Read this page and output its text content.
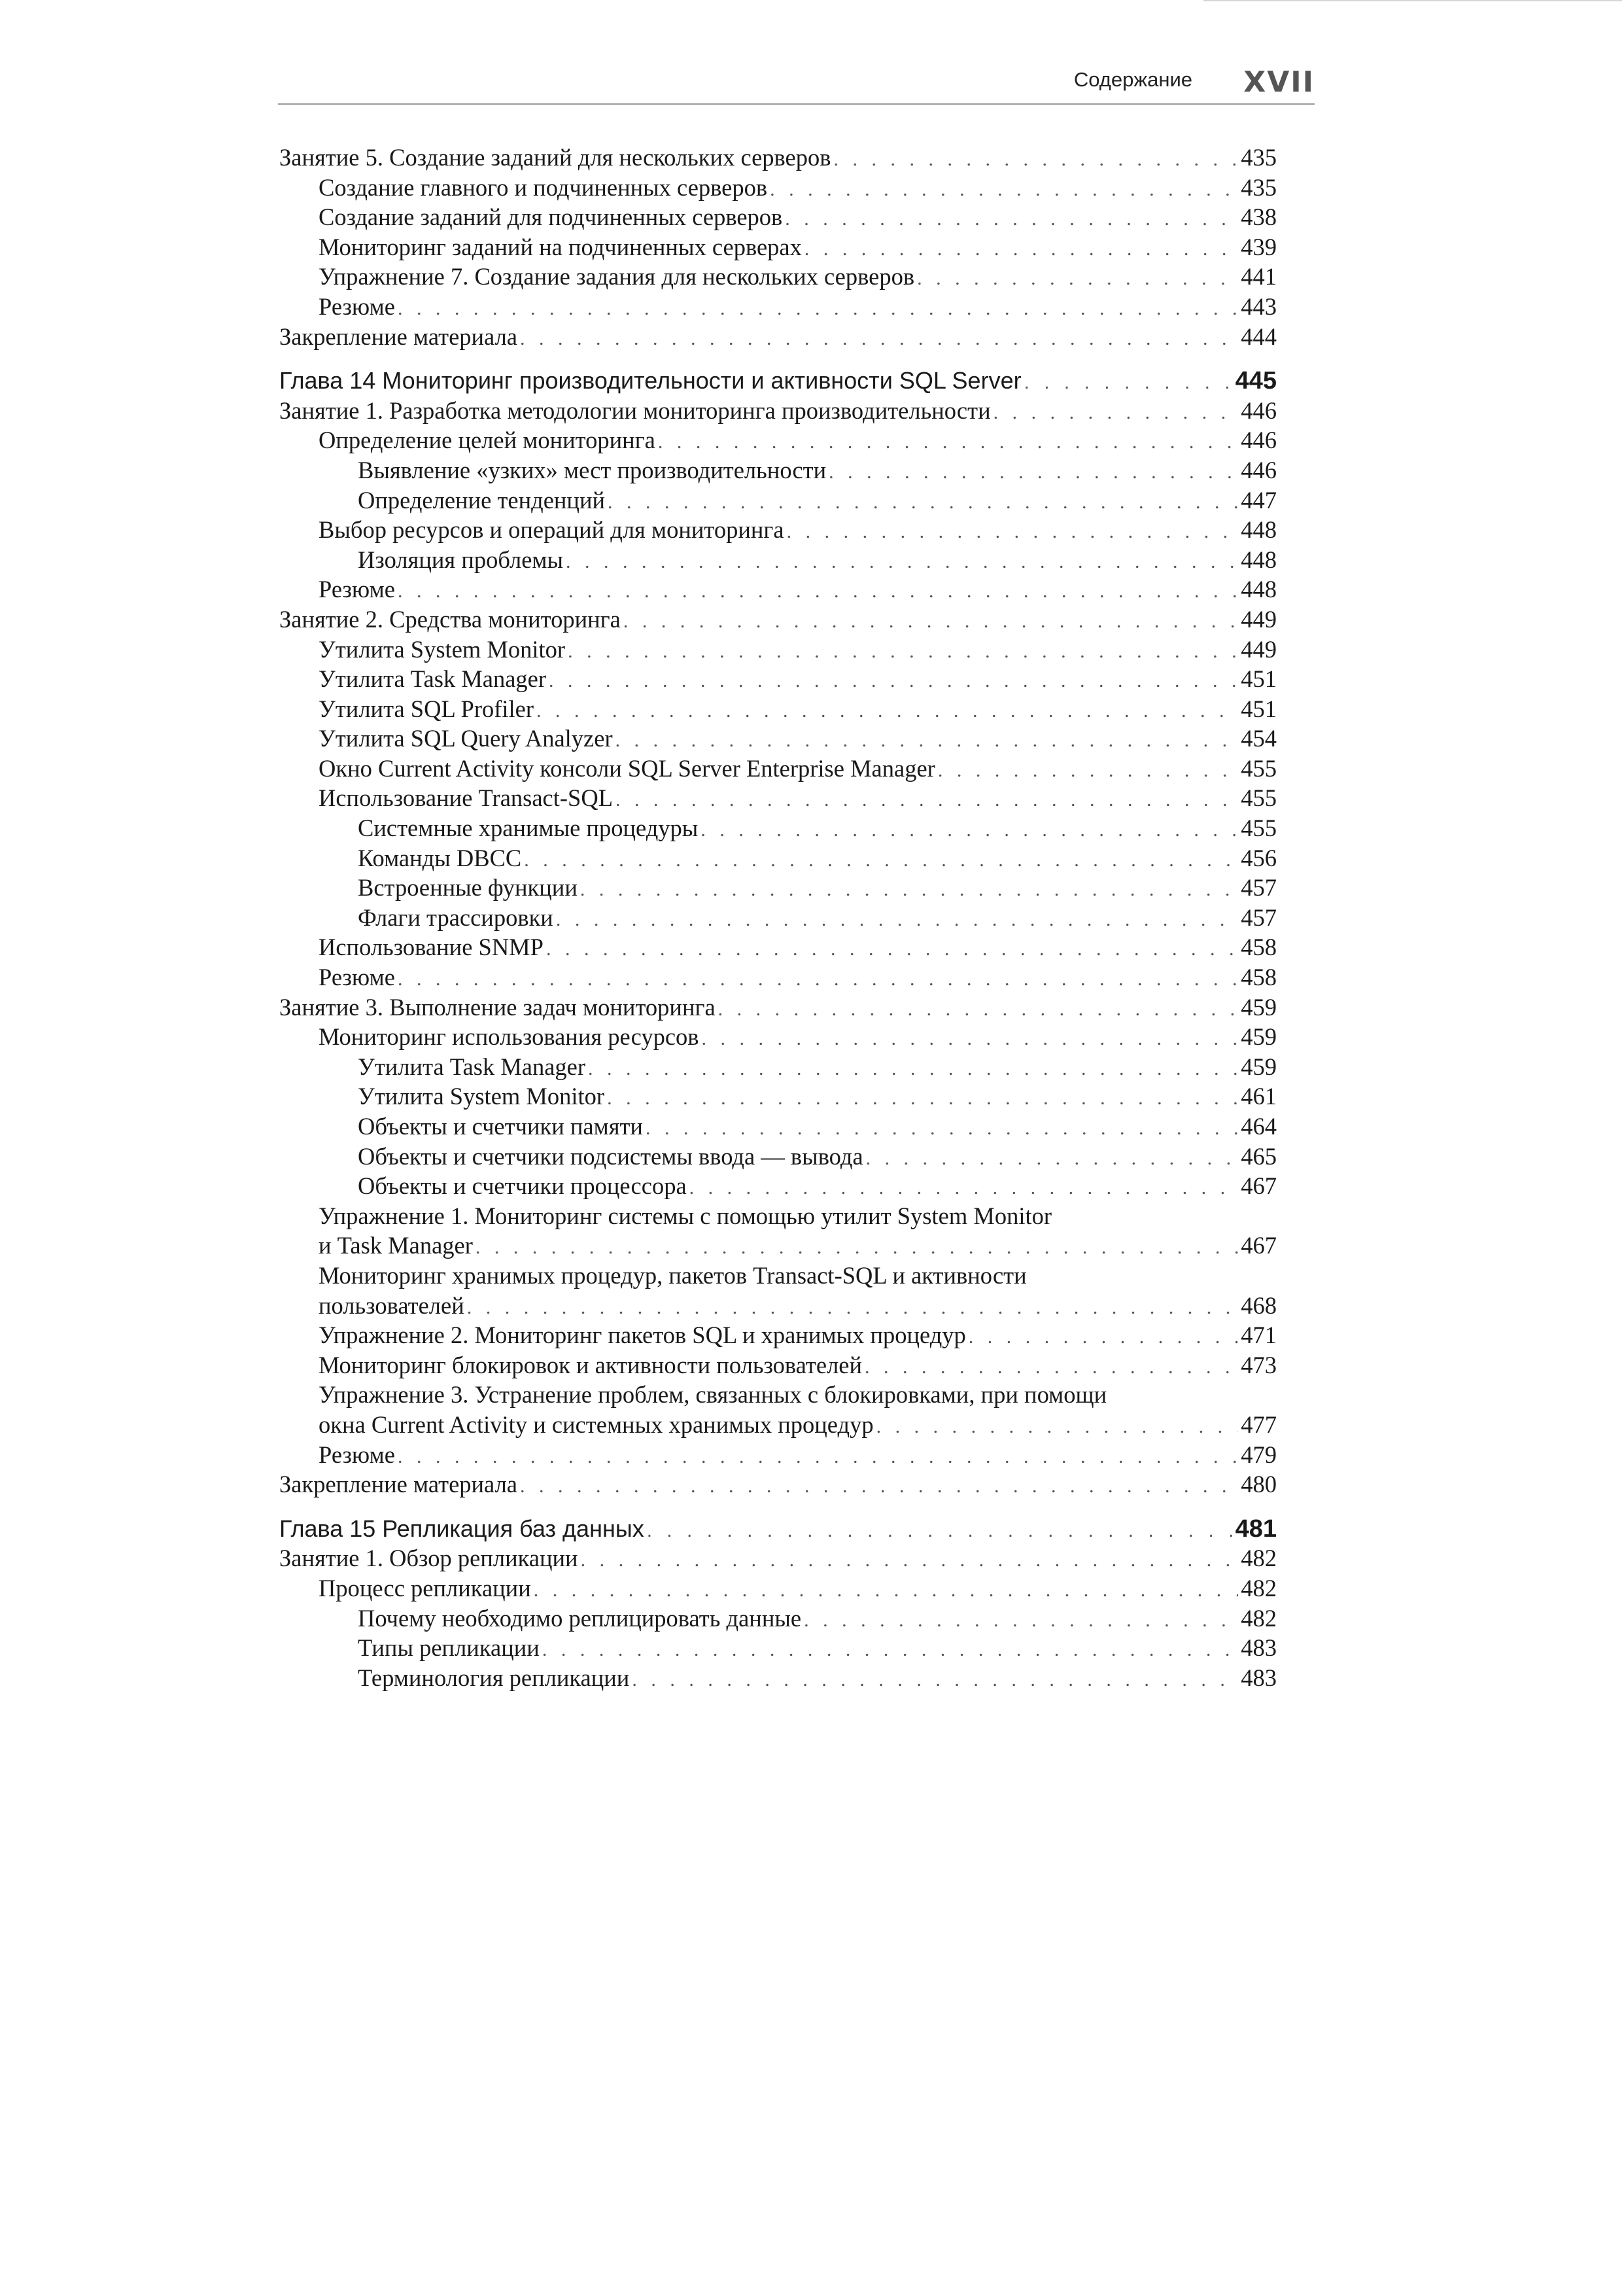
Содержание XVII
Занятие 5. Создание заданий для нескольких серверов . . .	435
Создание главного и подчиненных серверов . . .	435
Создание заданий для подчиненных серверов . . .	438
Мониторинг заданий на подчиненных серверах . . .	439
Упражнение 7. Создание задания для нескольких серверов . . .	441
Резюме . . .	443
Закрепление материала . . .	444
Глава 14 Мониторинг производительности и активности SQL Server . . .	445
Занятие 1. Разработка методологии мониторинга производительности . . .	446
Определение целей мониторинга . . .	446
Выявление «узких» мест производительности . . .	446
Определение тенденций . . .	447
Выбор ресурсов и операций для мониторинга . . .	448
Изоляция проблемы . . .	448
Резюме . . .	448
Занятие 2. Средства мониторинга . . .	449
Утилита System Monitor . . .	449
Утилита Task Manager . . .	451
Утилита SQL Profiler . . .	451
Утилита SQL Query Analyzer . . .	454
Окно Current Activity консоли SQL Server Enterprise Manager . . .	455
Использование Transact-SQL . . .	455
Системные хранимые процедуры . . .	455
Команды DBCC . . .	456
Встроенные функции . . .	457
Флаги трассировки . . .	457
Использование SNMP . . .	458
Резюме . . .	458
Занятие 3. Выполнение задач мониторинга . . .	459
Мониторинг использования ресурсов . . .	459
Утилита Task Manager . . .	459
Утилита System Monitor . . .	461
Объекты и счетчики памяти . . .	464
Объекты и счетчики подсистемы ввода — вывода . . .	465
Объекты и счетчики процессора . . .	467
Упражнение 1. Мониторинг системы с помощью утилит System Monitor
и Task Manager . . .	467
Мониторинг хранимых процедур, пакетов Transact-SQL и активности
пользователей . . .	468
Упражнение 2. Мониторинг пакетов SQL и хранимых процедур . . .	471
Мониторинг блокировок и активности пользователей . . .	473
Упражнение 3. Устранение проблем, связанных с блокировками, при помощи
окна Current Activity и системных хранимых процедур . . .	477
Резюме . . .	479
Закрепление материала . . .	480
Глава 15 Репликация баз данных . . .	481
Занятие 1. Обзор репликации . . .	482
Процесс репликации . . .	482
Почему необходимо реплицировать данные . . .	482
Типы репликации . . .	483
Терминология репликации . . .	483
